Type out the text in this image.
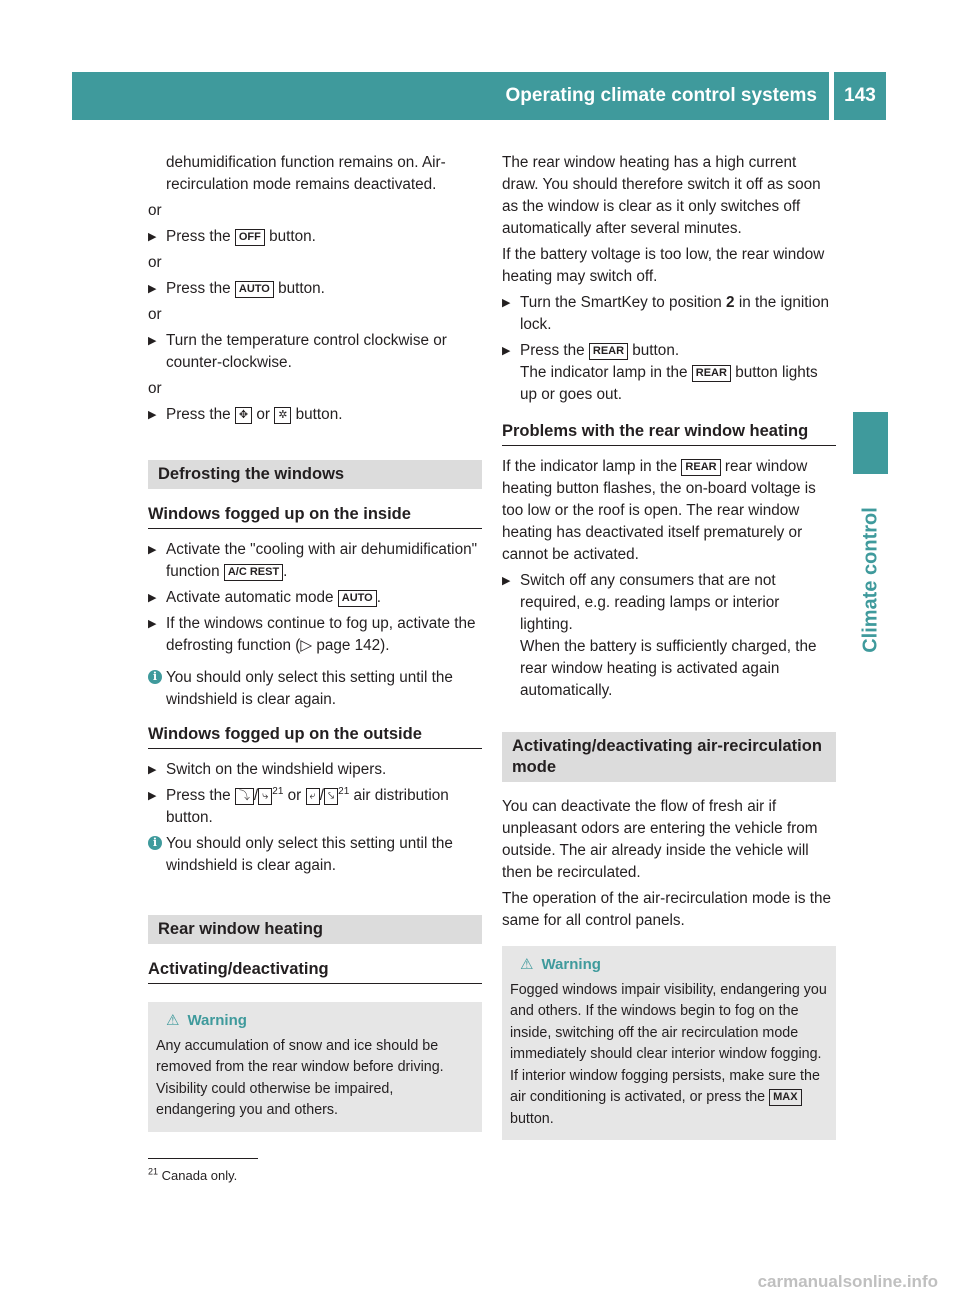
Operating climate control systems	143
Climate control

dehumidification function remains on. Air-recirculation mode remains deactivated.

or

▶ Press the OFF button.

or

▶ Press the AUTO button.

or

▶ Turn the temperature control clockwise or counter-clockwise.

or

▶ Press the ✥ or ✲ button.
Defrosting the windows
Windows fogged up on the inside
▶ Activate the "cooling with air dehumidification" function A/C REST .
▶ Activate automatic mode AUTO .
▶ If the windows continue to fog up, activate the defrosting function (▷ page 142).
i You should only select this setting until the windshield is clear again.
Windows fogged up on the outside
▶ Switch on the windshield wipers.
▶ Press the ⤵ / ⤷ $^{21}$ or ⤶ / ⤥ $^{21}$ air distribution button.
i You should only select this setting until the windshield is clear again.
Rear window heating
Activating/deactivating
⚠ Warning
Any accumulation of snow and ice should be removed from the rear window before driving. Visibility could otherwise be impaired, endangering you and others.

The rear window heating has a high current draw. You should therefore switch it off as soon as the window is clear as it only switches off automatically after several minutes.

If the battery voltage is too low, the rear window heating may switch off.

▶ Turn the SmartKey to position 2 in the ignition lock.
▶ Press the REAR button.
The indicator lamp in the REAR button lights up or goes out.
Problems with the rear window heating

If the indicator lamp in the REAR rear window heating button flashes, the on-board voltage is too low or the roof is open. The rear window heating has deactivated itself prematurely or cannot be activated.

▶ Switch off any consumers that are not required, e.g. reading lamps or interior lighting.
When the battery is sufficiently charged, the rear window heating is activated again automatically.
Activating/deactivating air-recirculation mode

You can deactivate the flow of fresh air if unpleasant odors are entering the vehicle from outside. The air already inside the vehicle will then be recirculated.

The operation of the air-recirculation mode is the same for all control panels.

⚠ Warning
Fogged windows impair visibility, endangering you and others. If the windows begin to fog on the inside, switching off the air recirculation mode immediately should clear interior window fogging. If interior window fogging persists, make sure the air conditioning is activated, or press the MAX button.
$^{21}$ Canada only.
carmanualsonline.info
